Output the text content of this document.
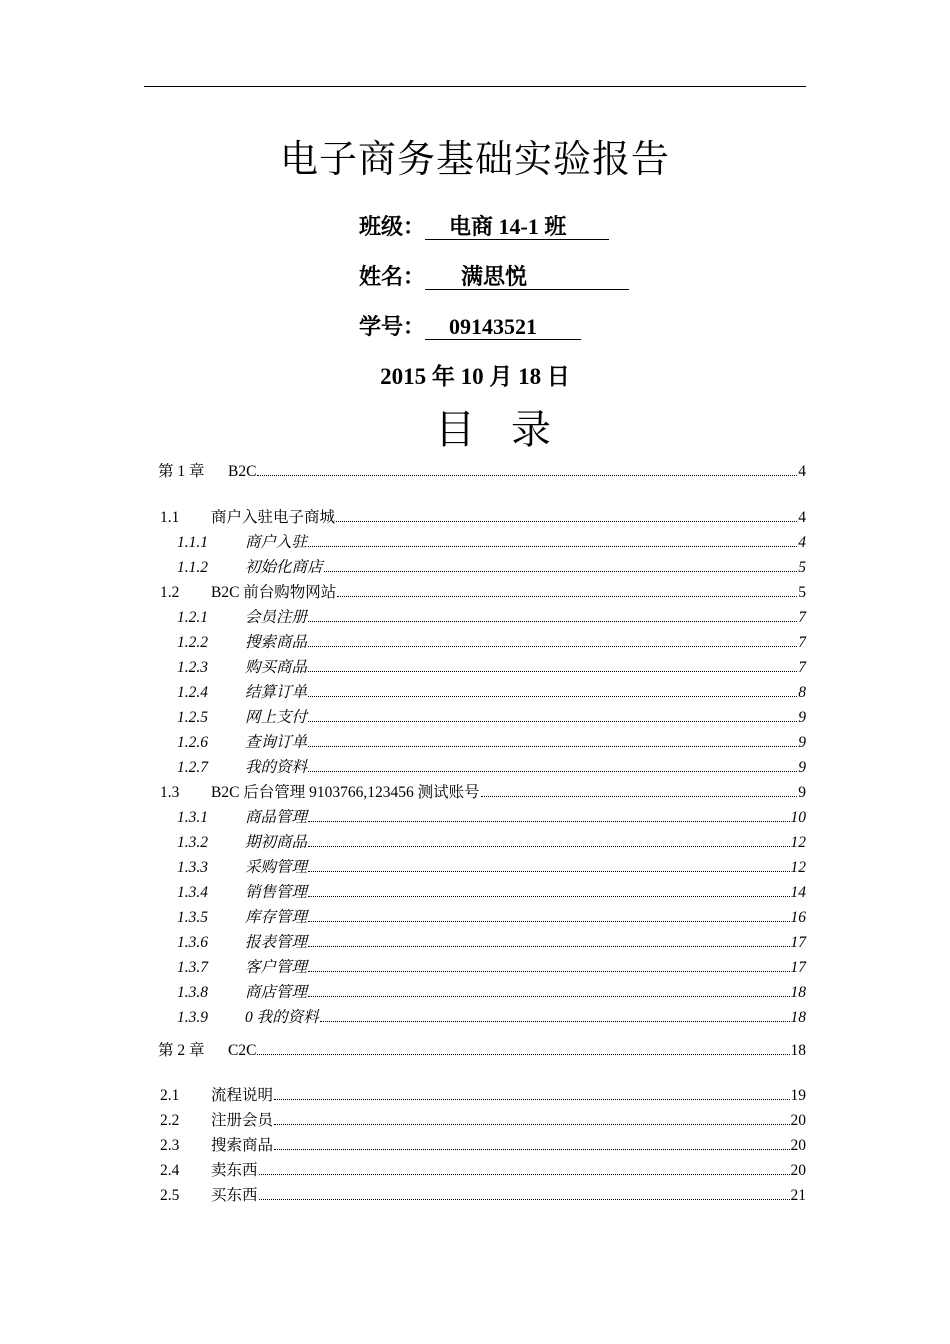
电子商务基础实验报告
班级：	电商 14-1 班
姓名：	满思悦
学号：	09143521
2015 年 10 月 18 日
目录
第 1 章	B2C	4
1.1	商户入驻电子商城	4
1.1.1	商户入驻	4
1.1.2	初始化商店	5
1.2	B2C 前台购物网站	5
1.2.1	会员注册	7
1.2.2	搜索商品	7
1.2.3	购买商品	7
1.2.4	结算订单	8
1.2.5	网上支付	9
1.2.6	查询订单	9
1.2.7	我的资料	9
1.3	B2C 后台管理 9103766,123456 测试账号	9
1.3.1	商品管理	10
1.3.2	期初商品	12
1.3.3	采购管理	12
1.3.4	销售管理	14
1.3.5	库存管理	16
1.3.6	报表管理	17
1.3.7	客户管理	17
1.3.8	商店管理	18
1.3.9	0 我的资料	18
第 2 章	C2C	18
2.1	流程说明	19
2.2	注册会员	20
2.3	搜索商品	20
2.4	卖东西	20
2.5	买东西	21
